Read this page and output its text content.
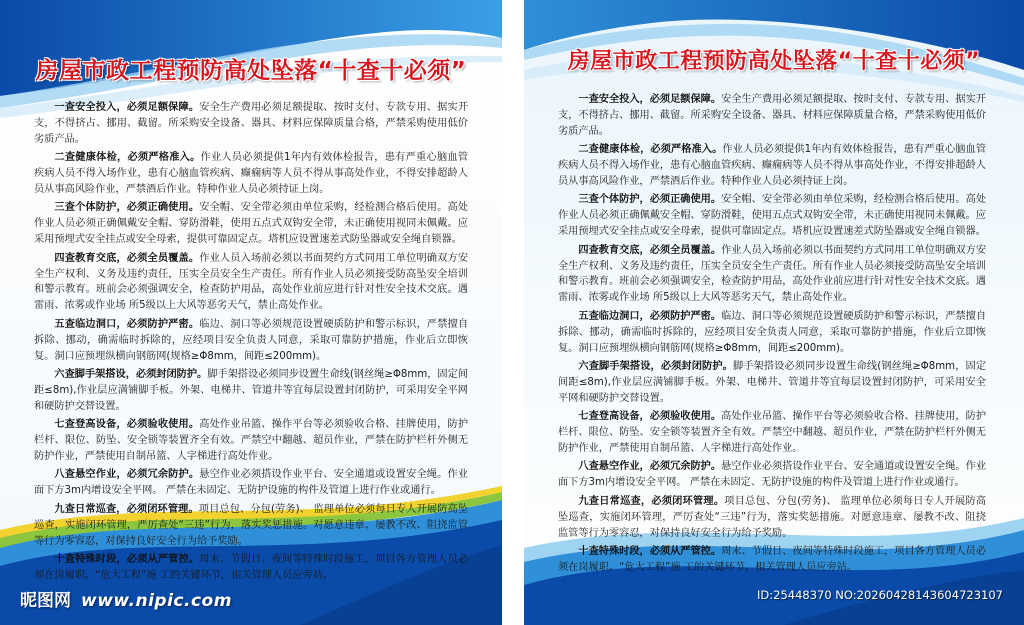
房屋市政工程预防高处坠落“十查十必须”

一查安全投入，必须足额保障。安全生产费用必须足额提取、按时支付、专款专用、据实开支，不得挤占、挪用、截留。所采购安全设备、器具、材料应保障质量合格，严禁采购使用低价劣质产品。

二查健康体检，必须严格准入。作业人员必须提供1年内有效体检报告，患有严重心脑血管疾病人员不得入场作业，患有心脑血管疾病、癫痫病等人员不得从事高处作业，不得安排超龄人员从事高风险作业，严禁酒后作业。特种作业人员必须持证上岗。

三查个体防护，必须正确使用。安全帽、安全带必须由单位采购，经检测合格后使用。高处作业人员必须正确佩戴安全帽、穿防滑鞋，使用五点式双钩安全带，未正确使用视同未佩戴。应采用预埋式安全挂点或安全母索，提供可靠固定点。塔机应设置速差式防坠器或安全绳自锁器。

四查教育交底，必须全员覆盖。作业人员入场前必须以书面契约方式同用工单位明确双方安全生产权利、义务及违约责任，压实全员安全生产责任。所有作业人员必须接受防高坠安全培训和警示教育。班前会必须强调安全，检查防护用品，高处作业前应进行针对性安全技术交底。遇雷雨、浓雾或作业场 所5级以上大风等恶劣天气，禁止高处作业。

五查临边洞口，必须防护严密。临边、洞口等必须规范设置硬质防护和警示标识，严禁擅自拆除、挪动，确需临时拆除的，应经项目安全负责人同意，采取可靠防护措施，作业后立即恢复。洞口应预埋纵横向钢筋网(规格≥Φ8mm，间距≤200mm)。

六查脚手架搭设，必须封闭防护。脚手架搭设必须同步设置生命线(钢丝绳≥Φ8mm，固定间距≤8m),作业层应满铺脚手板。外架、电梯井、管道井等宜每层设置封闭防护，可采用安全平网和硬防护交替设置。

七查登高设备，必须验收使用。高处作业吊篮、操作平台等必须验收合格、挂牌使用，防护栏杆、限位、防坠、安全锁等装置齐全有效。严禁空中翻越、超员作业，严禁在防护栏杆外侧无防护作业，严禁使用自制吊篮、人字梯进行高处作业。

八查悬空作业，必须冗余防护。悬空作业必须搭设作业平台、安全通道或设置安全绳。作业面下方3m内增设安全平网。 严禁在未固定、无防护设施的构件及管道上进行作业或通行。

九查日常巡查，必须闭环管理。项目总包、分包(劳务)、 监理单位必须每日专人开展防高坠巡查，实施闭环管理，严厉查处“三违”行为，落实奖惩措施。对愿意违章、屡教不改、阻挠监管等行为零容忍，对保持良好安全行为给予奖励。

十查特殊时段，必须从严管控。周末、节假日、夜间等特殊时段施工，项目各方管理人员必须在岗履职。“危大工程”施 工的关键环节，相关管理人员应旁站。

昵图网 www.nipic.com
房屋市政工程预防高处坠落“十查十必须”

一查安全投入，必须足额保障。安全生产费用必须足额提取、按时支付、专款专用、据实开支，不得挤占、挪用、截留。所采购安全设备、器具、材料应保障质量合格，严禁采购使用低价劣质产品。

二查健康体检，必须严格准入。作业人员必须提供1年内有效体检报告，患有严重心脑血管疾病人员不得入场作业，患有心脑血管疾病、癫痫病等人员不得从事高处作业，不得安排超龄人员从事高风险作业，严禁酒后作业。特种作业人员必须持证上岗。

三查个体防护，必须正确使用。安全帽、安全带必须由单位采购，经检测合格后使用。高处作业人员必须正确佩戴安全帽、穿防滑鞋，使用五点式双钩安全带，未正确使用视同未佩戴。应采用预埋式安全挂点或安全母索，提供可靠固定点。塔机应设置速差式防坠器或安全绳自锁器。

四查教育交底，必须全员覆盖。作业人员入场前必须以书面契约方式同用工单位明确双方安全生产权利、义务及违约责任，压实全员安全生产责任。所有作业人员必须接受防高坠安全培训和警示教育。班前会必须强调安全，检查防护用品，高处作业前应进行针对性安全技术交底。遇雷雨、浓雾或作业场 所5级以上大风等恶劣天气，禁止高处作业。

五查临边洞口，必须防护严密。临边、洞口等必须规范设置硬质防护和警示标识，严禁擅自拆除、挪动，确需临时拆除的，应经项目安全负责人同意，采取可靠防护措施，作业后立即恢复。洞口应预埋纵横向钢筋网(规格≥Φ8mm，间距≤200mm)。

六查脚手架搭设，必须封闭防护。脚手架搭设必须同步设置生命线(钢丝绳≥Φ8mm，固定间距≤8m),作业层应满铺脚手板。外架、电梯井、管道井等宜每层设置封闭防护，可采用安全平网和硬防护交替设置。

七查登高设备，必须验收使用。高处作业吊篮、操作平台等必须验收合格、挂牌使用，防护栏杆、限位、防坠、安全锁等装置齐全有效。严禁空中翻越、超员作业，严禁在防护栏杆外侧无防护作业，严禁使用自制吊篮、人字梯进行高处作业。

八查悬空作业，必须冗余防护。悬空作业必须搭设作业平台、安全通道或设置安全绳。作业面下方3m内增设安全平网。 严禁在未固定、无防护设施的构件及管道上进行作业或通行。

九查日常巡查，必须闭环管理。项目总包、分包(劳务)、 监理单位必须每日专人开展防高坠巡查，实施闭环管理，严厉查处“三违”行为，落实奖惩措施。对愿意违章、屡教不改、阻挠监管等行为零容忍，对保持良好安全行为给予奖励。

十查特殊时段，必须从严管控。周末、节假日、夜间等特殊时段施工，项目各方管理人员必须在岗履职。“危大工程”施 工的关键环节，相关管理人员应旁站。

ID:25448370 NO:20260428143604723107
